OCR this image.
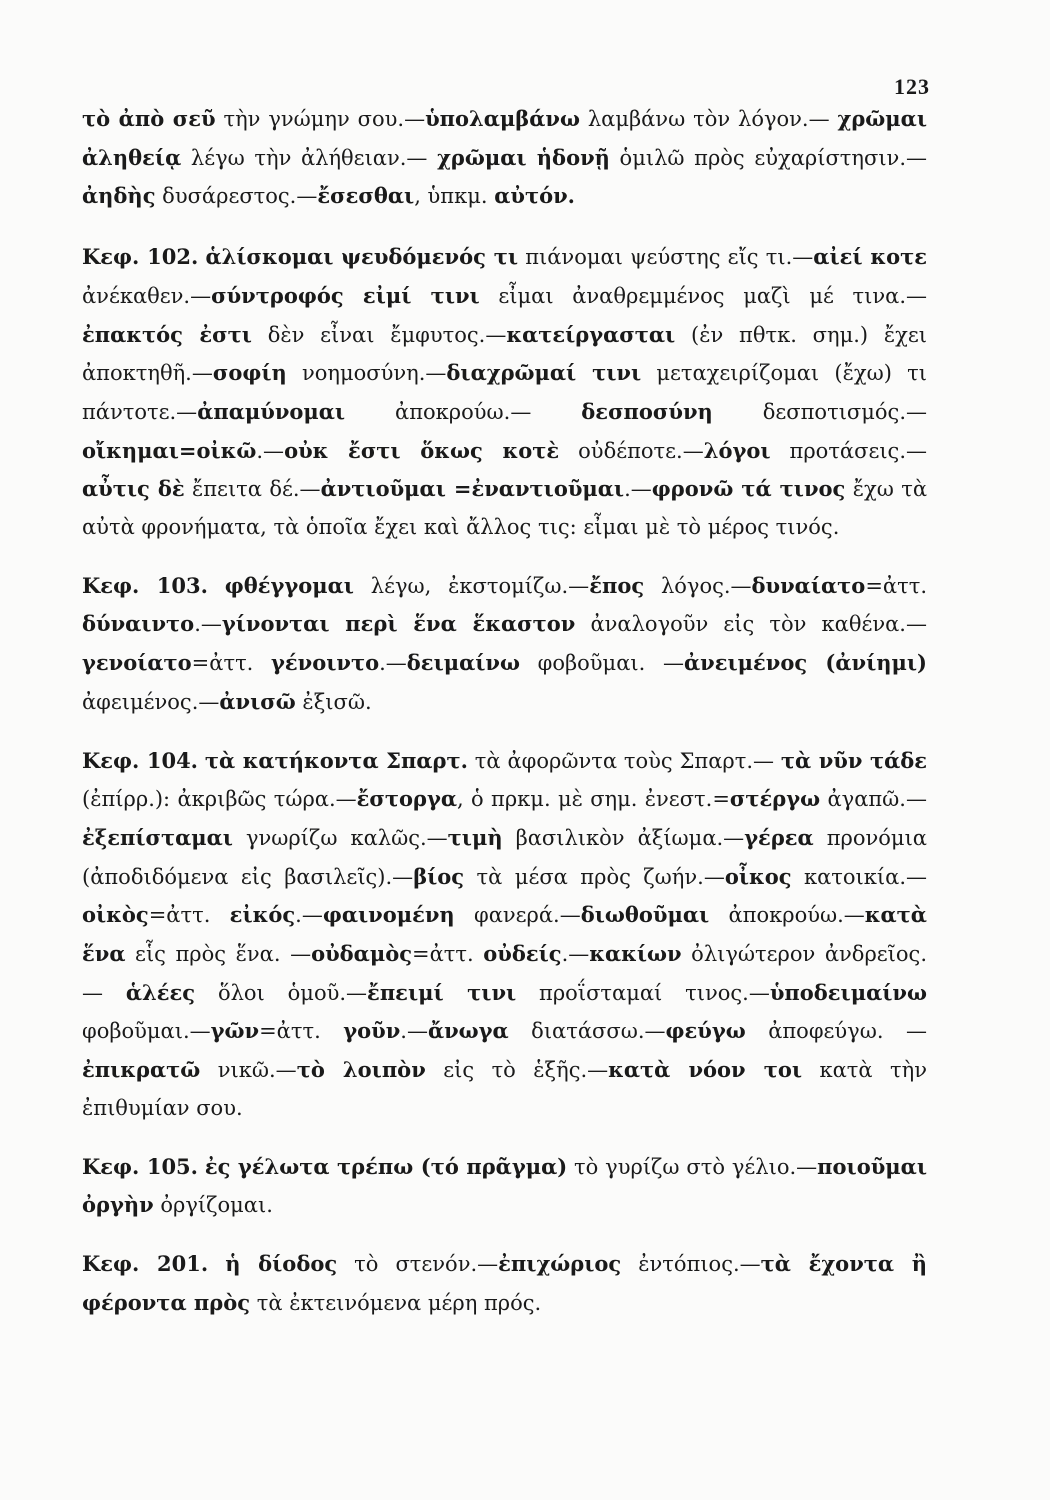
123

τὸ ἀπὸ σεῦ τὴν γνώμην σου.—ὑπολαμβάνω λαμβάνω τὸν λόγον.— χρῶμαι ἀληθείᾳ λέγω τὴν ἀλήθειαν.— χρῶμαι ἡδονῇ ὁμιλῶ πρὸς εὐχαρίστησιν.—ἀηδὴς δυσάρεστος.—ἔσεσθαι, ὑπκμ. αὐτόν.

Κεφ. 102. ἁλίσκομαι ψευδόμενός τι πιάνομαι ψεύστης εἴς τι.—αἰεί κοτε ἀνέκαθεν.—σύντροφός εἰμί τινι εἶμαι ἀναθρεμμένος μαζὶ μέ τινα.—ἐπακτός ἐστι δὲν εἶναι ἔμφυτος.—κατείργασται (ἐν πθτκ. σημ.) ἔχει ἀποκτηθῆ.—σοφίη νοημοσύνη.—διαχρῶμαί τινι μεταχειρίζομαι (ἔχω) τι πάντοτε.—ἀπαμύνομαι ἀποκρούω.— δεσποσύνη δεσποτισμός.—οἴκημαι=οἰκῶ.—οὐκ ἔστι ὅκως κοτὲ οὐδέποτε.—λόγοι προτάσεις.—αὖτις δὲ ἔπειτα δέ.—ἀντιοῦμαι =ἐναντιοῦμαι.—φρονῶ τά τινος ἔχω τὰ αὐτὰ φρονήματα, τὰ ὁποῖα ἔχει καὶ ἄλλος τις: εἶμαι μὲ τὸ μέρος τινός.

Κεφ. 103. φθέγγομαι λέγω, ἐκστομίζω.—ἔπος λόγος.—δυναίατο=ἀττ. δύναιντο.—γίνονται περὶ ἕνα ἕκαστον ἀναλογοῦν εἰς τὸν καθένα.—γενοίατο=ἀττ. γένοιντο.—δειμαίνω φοβοῦμαι. —ἀνειμένος (ἀνίημι) ἀφειμένος.—ἀνισῶ ἐξισῶ.

Κεφ. 104. τὰ κατήκοντα Σπαρτ. τὰ ἀφορῶντα τοὺς Σπαρτ.— τὰ νῦν τάδε (ἐπίρρ.): ἀκριβῶς τώρα.—ἔστοργα, ὁ πρκμ. μὲ σημ. ἐνεστ.=στέργω ἀγαπῶ.—ἐξεπίσταμαι γνωρίζω καλῶς.—τιμὴ βασιλικὸν ἀξίωμα.—γέρεα προνόμια (ἀποδιδόμενα εἰς βασιλεῖς).—βίος τὰ μέσα πρὸς ζωήν.—οἶκος κατοικία.—οἰκὸς=ἀττ. εἰκός.—φαινομένη φανερά.—διωθοῦμαι ἀποκρούω.—κατὰ ἕνα εἷς πρὸς ἕνα. —οὐδαμὸς=ἀττ. οὐδείς.—κακίων ὀλιγώτερον ἀνδρεῖος. — ἁλέες ὅλοι ὁμοῦ.—ἔπειμί τινι προΐσταμαί τινος.—ὑποδειμαίνω φοβοῦμαι.—γῶν=ἀττ. γοῦν.—ἄνωγα διατάσσω.—φεύγω ἀποφεύγω. — ἐπικρατῶ νικῶ.—τὸ λοιπὸν εἰς τὸ ἑξῆς.—κατὰ νόον τοι κατὰ τὴν ἐπιθυμίαν σου.

Κεφ. 105. ἐς γέλωτα τρέπω (τό πρᾶγμα) τὸ γυρίζω στὸ γέλιο.—ποιοῦμαι ὀργὴν ὀργίζομαι.

Κεφ. 201. ἡ δίοδος τὸ στενόν.—ἐπιχώριος ἐντόπιος.—τὰ ἔχοντα ἢ φέροντα πρὸς τὰ ἐκτεινόμενα μέρη πρός.
